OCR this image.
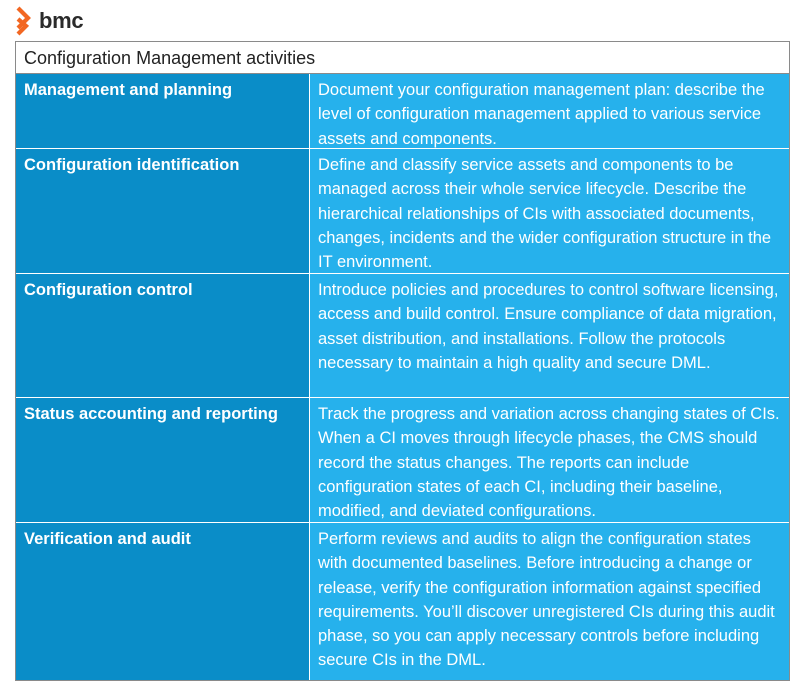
bmc
Configuration Management activities
Management and planning	Document your configuration management plan: describe the level of configuration management applied to various service assets and components.
Configuration identification	Define and classify service assets and components to be managed across their whole service lifecycle. Describe the hierarchical relationships of CIs with associated documents, changes, incidents and the wider configuration structure in the IT environment.
Configuration control	Introduce policies and procedures to control software licensing, access and build control. Ensure compliance of data migration, asset distribution, and installations. Follow the protocols necessary to maintain a high quality and secure DML.
Status accounting and reporting	Track the progress and variation across changing states of CIs. When a CI moves through lifecycle phases, the CMS should record the status changes. The reports can include configuration states of each CI, including their baseline, modified, and deviated configurations.
Verification and audit	Perform reviews and audits to align the configuration states with documented baselines. Before introducing a change or release, verify the configuration information against specified requirements. You’ll discover unregistered CIs during this audit phase, so you can apply necessary controls before including secure CIs in the DML.
